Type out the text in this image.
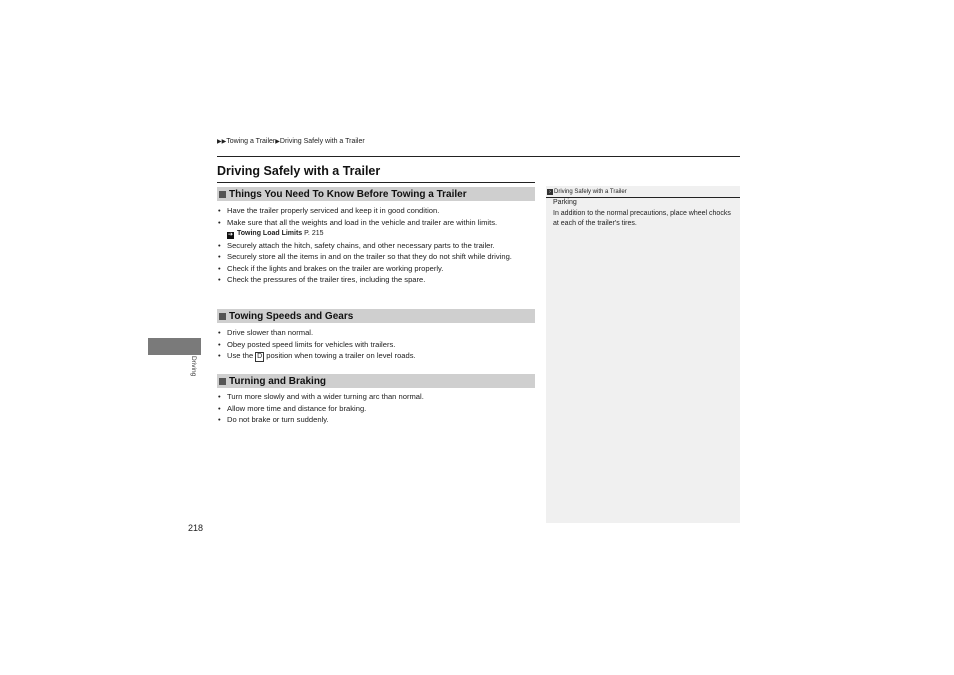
▶▶Towing a Trailer▶Driving Safely with a Trailer
Driving Safely with a Trailer
Things You Need To Know Before Towing a Trailer
• Have the trailer properly serviced and keep it in good condition.
• Make sure that all the weights and load in the vehicle and trailer are within limits.
➔ Towing Load Limits P. 215
• Securely attach the hitch, safety chains, and other necessary parts to the trailer.
• Securely store all the items in and on the trailer so that they do not shift while driving.
• Check if the lights and brakes on the trailer are working properly.
• Check the pressures of the trailer tires, including the spare.
Towing Speeds and Gears
• Drive slower than normal.
• Obey posted speed limits for vehicles with trailers.
• Use the D position when towing a trailer on level roads.
Turning and Braking
• Turn more slowly and with a wider turning arc than normal.
• Allow more time and distance for braking.
• Do not brake or turn suddenly.
Driving
218
› Driving Safely with a Trailer
Parking
In addition to the normal precautions, place wheel chocks at each of the trailer's tires.
